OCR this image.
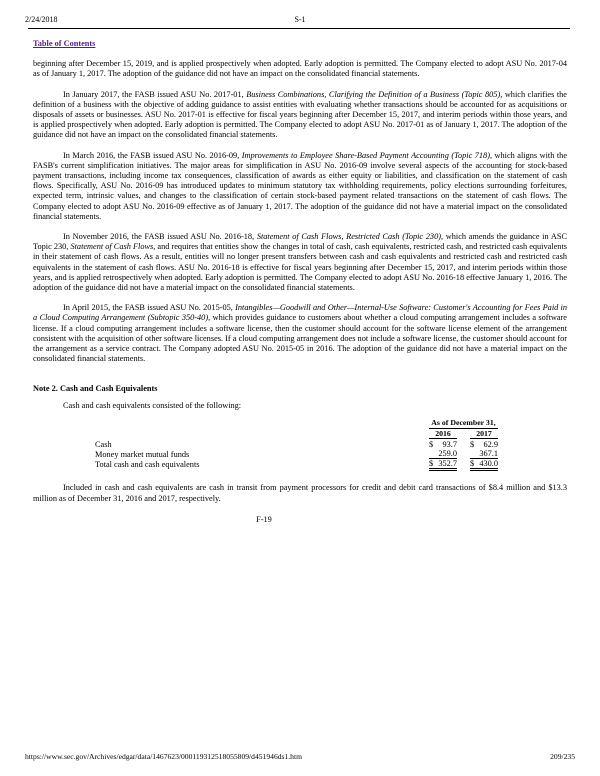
2/24/2018	S-1
Table of Contents

beginning after December 15, 2019, and is applied prospectively when adopted. Early adoption is permitted. The Company elected to adopt ASU No. 2017-04 as of January 1, 2017. The adoption of the guidance did not have an impact on the consolidated financial statements.

In January 2017, the FASB issued ASU No. 2017-01, Business Combinations, Clarifying the Definition of a Business (Topic 805), which clarifies the definition of a business with the objective of adding guidance to assist entities with evaluating whether transactions should be accounted for as acquisitions or disposals of assets or businesses. ASU No. 2017-01 is effective for fiscal years beginning after December 15, 2017, and interim periods within those years, and is applied prospectively when adopted. Early adoption is permitted. The Company elected to adopt ASU No. 2017-01 as of January 1, 2017. The adoption of the guidance did not have an impact on the consolidated financial statements.

In March 2016, the FASB issued ASU No. 2016-09, Improvements to Employee Share-Based Payment Accounting (Topic 718), which aligns with the FASB's current simplification initiatives. The major areas for simplification in ASU No. 2016-09 involve several aspects of the accounting for stock-based payment transactions, including income tax consequences, classification of awards as either equity or liabilities, and classification on the statement of cash flows. Specifically, ASU No. 2016-09 has introduced updates to minimum statutory tax withholding requirements, policy elections surrounding forfeitures, expected term, intrinsic values, and changes to the classification of certain stock-based payment related transactions on the statement of cash flows. The Company elected to adopt ASU No. 2016-09 effective as of January 1, 2017. The adoption of the guidance did not have a material impact on the consolidated financial statements.

In November 2016, the FASB issued ASU No. 2016-18, Statement of Cash Flows, Restricted Cash (Topic 230), which amends the guidance in ASC Topic 230, Statement of Cash Flows, and requires that entities show the changes in total of cash, cash equivalents, restricted cash, and restricted cash equivalents in their statement of cash flows. As a result, entities will no longer present transfers between cash and cash equivalents and restricted cash and restricted cash equivalents in the statement of cash flows. ASU No. 2016-18 is effective for fiscal years beginning after December 15, 2017, and interim periods within those years, and is applied retrospectively when adopted. Early adoption is permitted. The Company elected to adopt ASU No. 2016-18 effective January 1, 2016. The adoption of the guidance did not have a material impact on the consolidated financial statements.

In April 2015, the FASB issued ASU No. 2015-05, Intangibles—Goodwill and Other—Internal-Use Software: Customer's Accounting for Fees Paid in a Cloud Computing Arrangement (Subtopic 350-40), which provides guidance to customers about whether a cloud computing arrangement includes a software license. If a cloud computing arrangement includes a software license, then the customer should account for the software license element of the arrangement consistent with the acquisition of other software licenses. If a cloud computing arrangement does not include a software license, the customer should account for the arrangement as a service contract. The Company adopted ASU No. 2015-05 in 2016. The adoption of the guidance did not have a material impact on the consolidated financial statements.

Note 2. Cash and Cash Equivalents
Cash and cash equivalents consisted of the following:
As of December 31,
2016	2017
Cash	$ 93.7 $ 62.9
Money market mutual funds	259.0	367.1
Total cash and cash equivalents	$ 352.7 $ 430.0
Included in cash and cash equivalents are cash in transit from payment processors for credit and debit card transactions of $8.4 million and $13.3 million as of December 31, 2016 and 2017, respectively.
F-19
https://www.sec.gov/Archives/edgar/data/1467623/000119312518055809/d451946ds1.htm	209/235
